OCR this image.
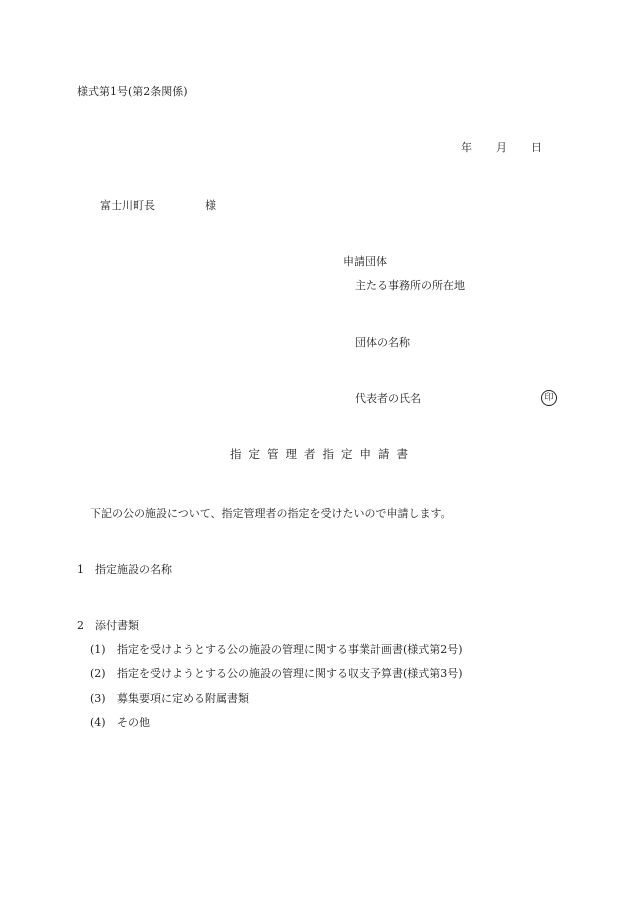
様式第1号(第2条関係)
年 月 日
富士川町長	様
申請団体
主たる事務所の所在地
団体の名称
代表者の氏名	印
指定管理者指定申請書
下記の公の施設について、指定管理者の指定を受けたいので申請します。
1　 指定施設の名称
2　 添付書類
(1) 指定を受けようとする公の施設の管理に関する事業計画書(様式第2号)
(2) 指定を受けようとする公の施設の管理に関する収支予算書(様式第3号)
(3) 募集要項に定める附属書類
(4) その他
